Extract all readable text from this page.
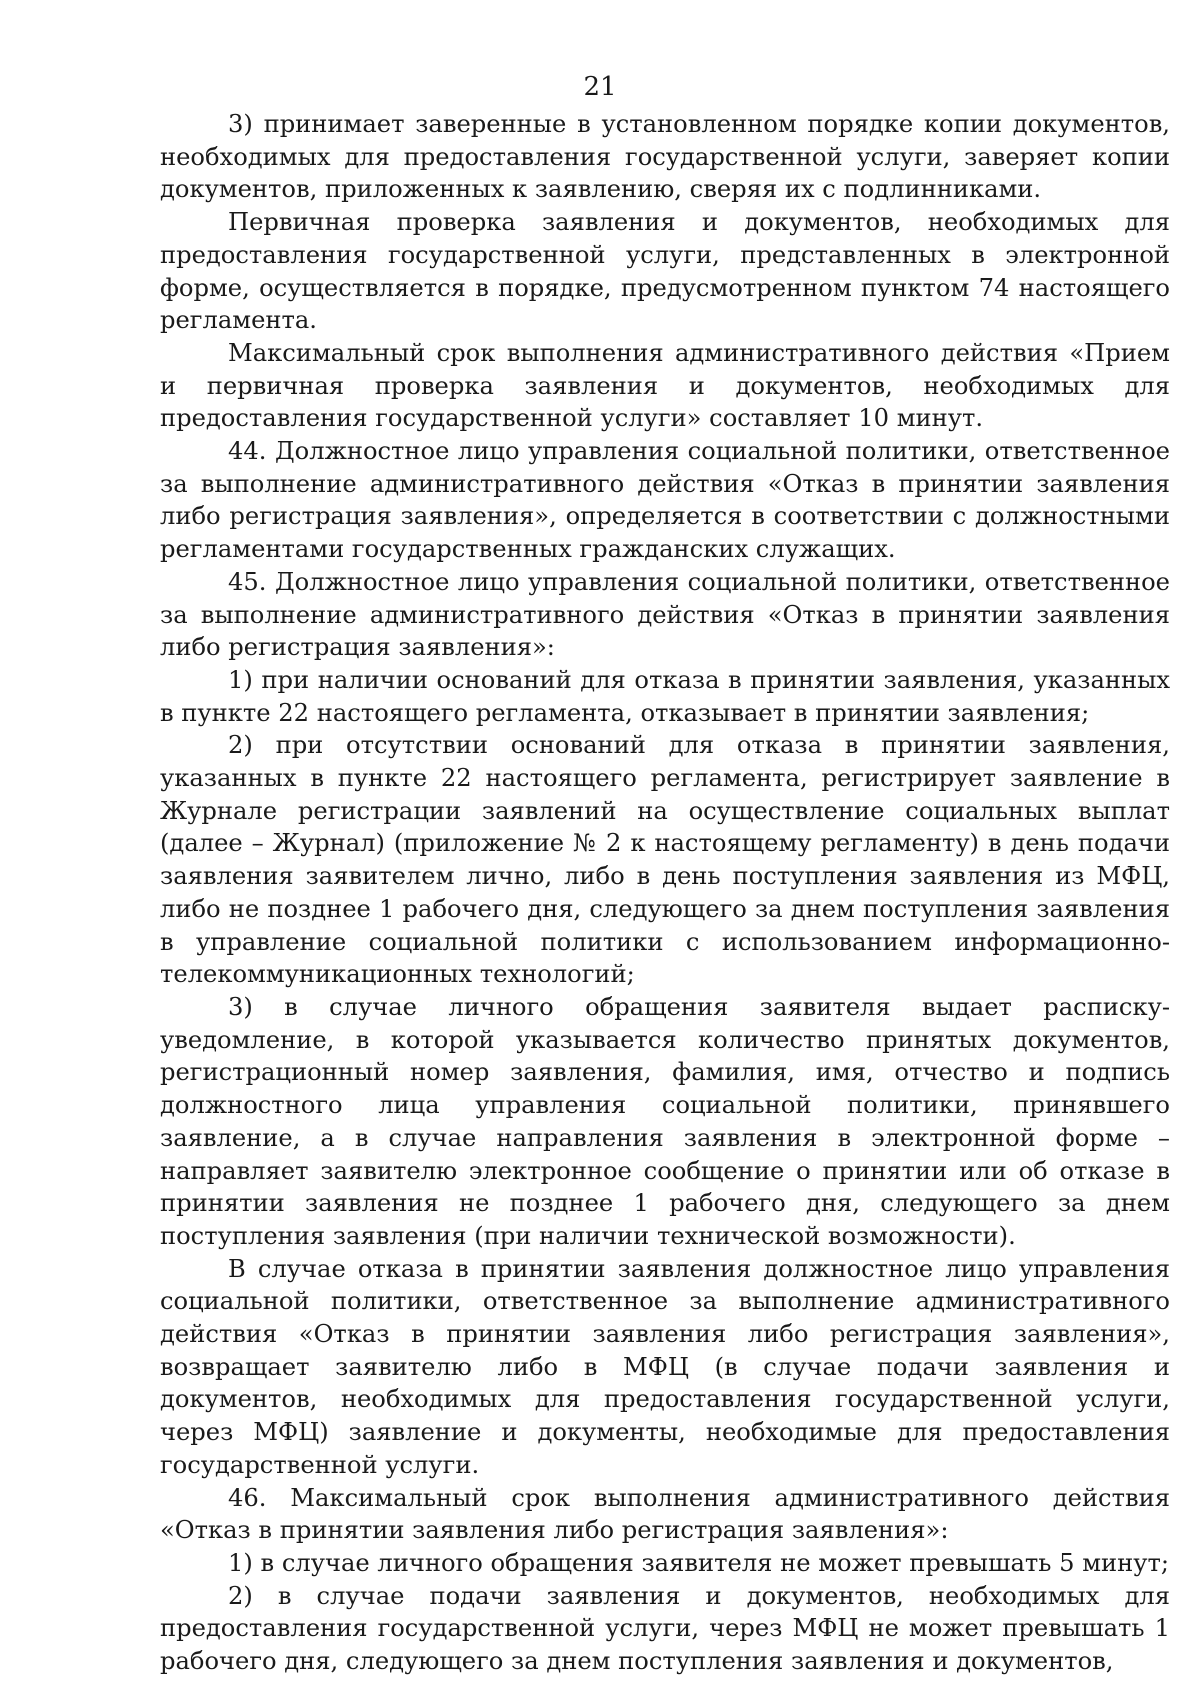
21

3) принимает заверенные в установленном порядке копии документов, необходимых для предоставления государственной услуги, заверяет копии документов, приложенных к заявлению, сверяя их с подлинниками.

Первичная проверка заявления и документов, необходимых для предоставления государственной услуги, представленных в электронной форме, осуществляется в порядке, предусмотренном пунктом 74 настоящего регламента.

Максимальный срок выполнения административного действия «Прием и первичная проверка заявления и документов, необходимых для предоставления государственной услуги» составляет 10 минут.

44. Должностное лицо управления социальной политики, ответственное за выполнение административного действия «Отказ в принятии заявления либо регистрация заявления», определяется в соответствии с должностными регламентами государственных гражданских служащих.

45. Должностное лицо управления социальной политики, ответственное за выполнение административного действия «Отказ в принятии заявления либо регистрация заявления»:

1) при наличии оснований для отказа в принятии заявления, указанных в пункте 22 настоящего регламента, отказывает в принятии заявления;

2) при отсутствии оснований для отказа в принятии заявления, указанных в пункте 22 настоящего регламента, регистрирует заявление в Журнале регистрации заявлений на осуществление социальных выплат (далее – Журнал) (приложение № 2 к настоящему регламенту) в день подачи заявления заявителем лично, либо в день поступления заявления из МФЦ, либо не позднее 1 рабочего дня, следующего за днем поступления заявления в управление социальной политики с использованием информационно-телекоммуникационных технологий;

3) в случае личного обращения заявителя выдает расписку-уведомление, в которой указывается количество принятых документов, регистрационный номер заявления, фамилия, имя, отчество и подпись должностного лица управления социальной политики, принявшего заявление, а в случае направления заявления в электронной форме – направляет заявителю электронное сообщение о принятии или об отказе в принятии заявления не позднее 1 рабочего дня, следующего за днем поступления заявления (при наличии технической возможности).

В случае отказа в принятии заявления должностное лицо управления социальной политики, ответственное за выполнение административного действия «Отказ в принятии заявления либо регистрация заявления», возвращает заявителю либо в МФЦ (в случае подачи заявления и документов, необходимых для предоставления государственной услуги, через МФЦ) заявление и документы, необходимые для предоставления государственной услуги.

46. Максимальный срок выполнения административного действия «Отказ в принятии заявления либо регистрация заявления»:

1) в случае личного обращения заявителя не может превышать 5 минут;

2) в случае подачи заявления и документов, необходимых для предоставления государственной услуги, через МФЦ не может превышать 1 рабочего дня, следующего за днем поступления заявления и документов,
